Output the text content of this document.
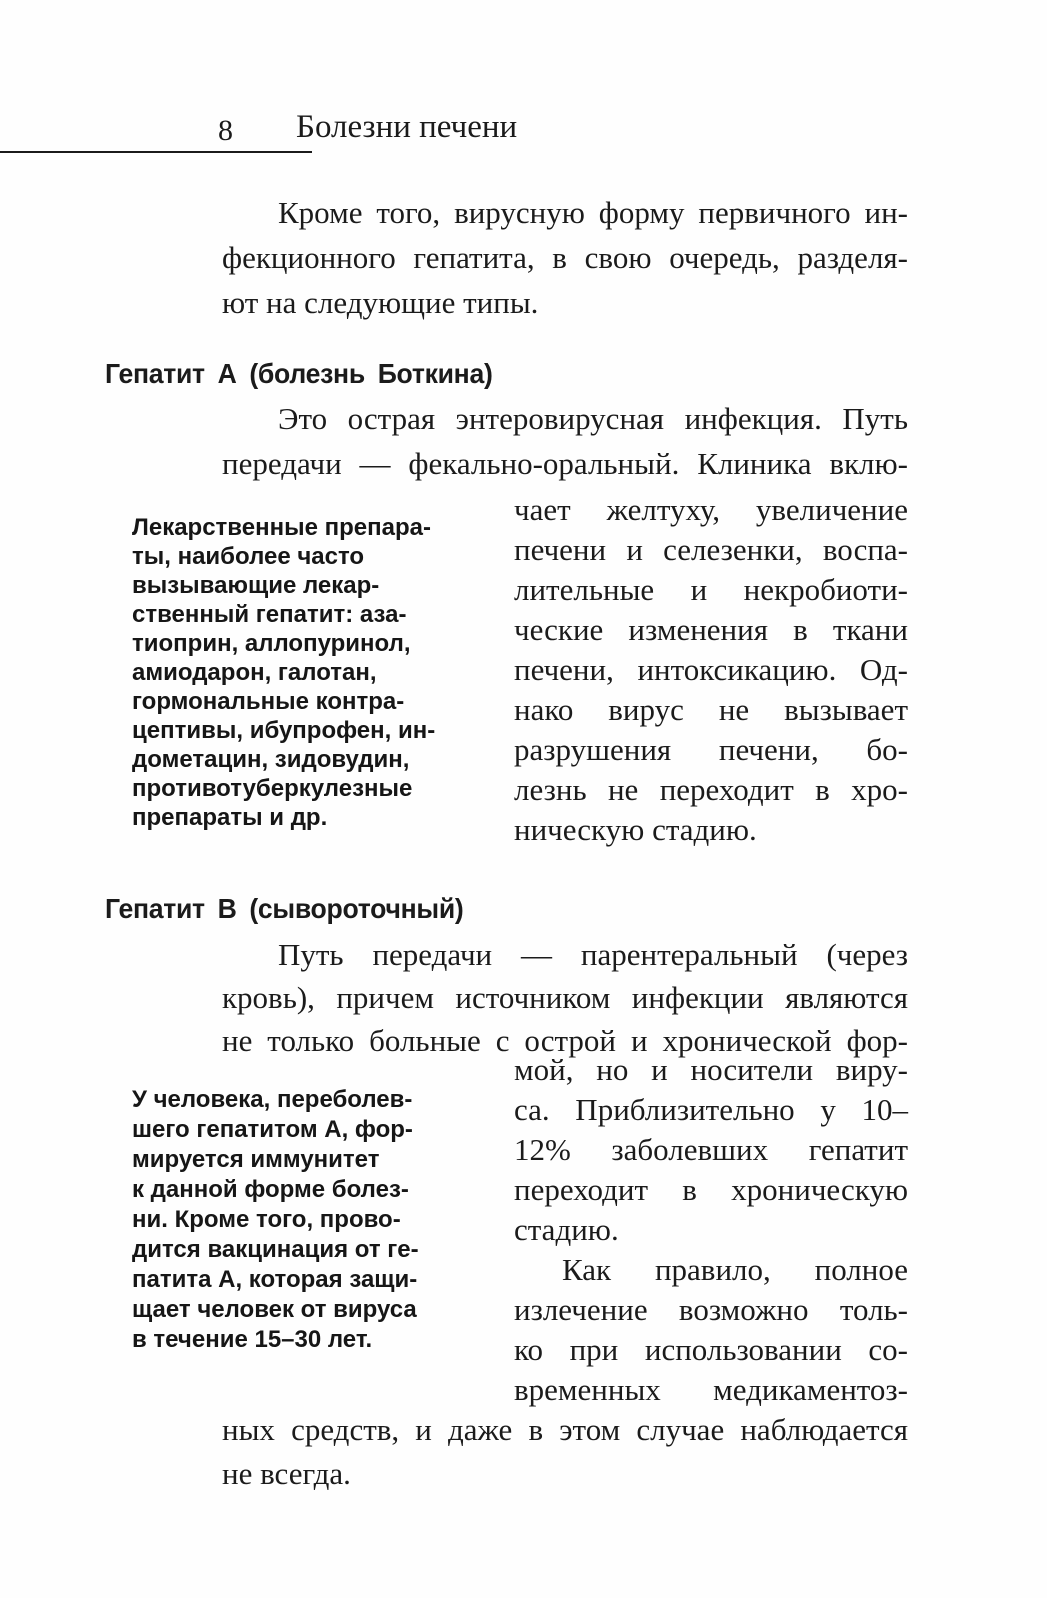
8 Болезни печени
Кроме того, вирусную форму первичного ин-
фекционного гепатита, в свою очередь, разделя-
ют на следующие типы.
Гепатит А (болезнь Боткина)
Это острая энтеровирусная инфекция. Путь
передачи — фекально-оральный. Клиника вклю-
Лекарственные препара-
ты, наиболее часто
вызывающие лекар-
ственный гепатит: аза-
тиоприн, аллопуринол,
амиодарон, галотан,
гормональные контра-
цептивы, ибупрофен, ин-
дометацин, зидовудин,
противотуберкулезные
препараты и др.
чает желтуху, увеличение
печени и селезенки, воспа-
лительные и некробиоти-
ческие изменения в ткани
печени, интоксикацию. Од-
нако вирус не вызывает
разрушения печени, бо-
лезнь не переходит в хро-
ническую стадию.
Гепатит В (сывороточный)
Путь передачи — парентеральный (через
кровь), причем источником инфекции являются
не только больные с острой и хронической фор-
У человека, переболев-
шего гепатитом А, фор-
мируется иммунитет
к данной форме болез-
ни. Кроме того, прово-
дится вакцинация от ге-
патита А, которая защи-
щает человек от вируса
в течение 15–30 лет.
мой, но и носители виру-
са. Приблизительно у 10–
12% заболевших гепатит
переходит в хроническую
стадию.
Как правило, полное
излечение возможно толь-
ко при использовании со-
временных медикаментоз-
ных средств, и даже в этом случае наблюдается
не всегда.
